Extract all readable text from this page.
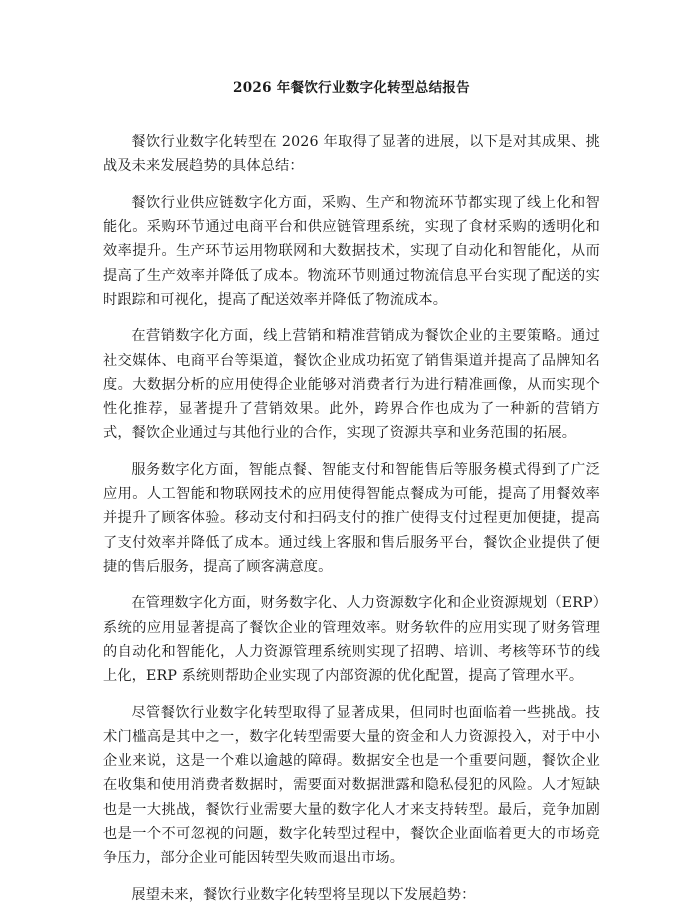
2026 年餐饮行业数字化转型总结报告

餐饮行业数字化转型在 2026 年取得了显著的进展，以下是对其成果、挑战及未来发展趋势的具体总结：

餐饮行业供应链数字化方面，采购、生产和物流环节都实现了线上化和智能化。采购环节通过电商平台和供应链管理系统，实现了食材采购的透明化和效率提升。生产环节运用物联网和大数据技术，实现了自动化和智能化，从而提高了生产效率并降低了成本。物流环节则通过物流信息平台实现了配送的实时跟踪和可视化，提高了配送效率并降低了物流成本。

在营销数字化方面，线上营销和精准营销成为餐饮企业的主要策略。通过社交媒体、电商平台等渠道，餐饮企业成功拓宽了销售渠道并提高了品牌知名度。大数据分析的应用使得企业能够对消费者行为进行精准画像，从而实现个性化推荐，显著提升了营销效果。此外，跨界合作也成为了一种新的营销方式，餐饮企业通过与其他行业的合作，实现了资源共享和业务范围的拓展。

服务数字化方面，智能点餐、智能支付和智能售后等服务模式得到了广泛应用。人工智能和物联网技术的应用使得智能点餐成为可能，提高了用餐效率并提升了顾客体验。移动支付和扫码支付的推广使得支付过程更加便捷，提高了支付效率并降低了成本。通过线上客服和售后服务平台，餐饮企业提供了便捷的售后服务，提高了顾客满意度。

在管理数字化方面，财务数字化、人力资源数字化和企业资源规划（ERP）系统的应用显著提高了餐饮企业的管理效率。财务软件的应用实现了财务管理的自动化和智能化，人力资源管理系统则实现了招聘、培训、考核等环节的线上化，ERP 系统则帮助企业实现了内部资源的优化配置，提高了管理水平。

尽管餐饮行业数字化转型取得了显著成果，但同时也面临着一些挑战。技术门槛高是其中之一，数字化转型需要大量的资金和人力资源投入，对于中小企业来说，这是一个难以逾越的障碍。数据安全也是一个重要问题，餐饮企业在收集和使用消费者数据时，需要面对数据泄露和隐私侵犯的风险。人才短缺也是一大挑战，餐饮行业需要大量的数字化人才来支持转型。最后，竞争加剧也是一个不可忽视的问题，数字化转型过程中，餐饮企业面临着更大的市场竞争压力，部分企业可能因转型失败而退出市场。

展望未来，餐饮行业数字化转型将呈现以下发展趋势：
